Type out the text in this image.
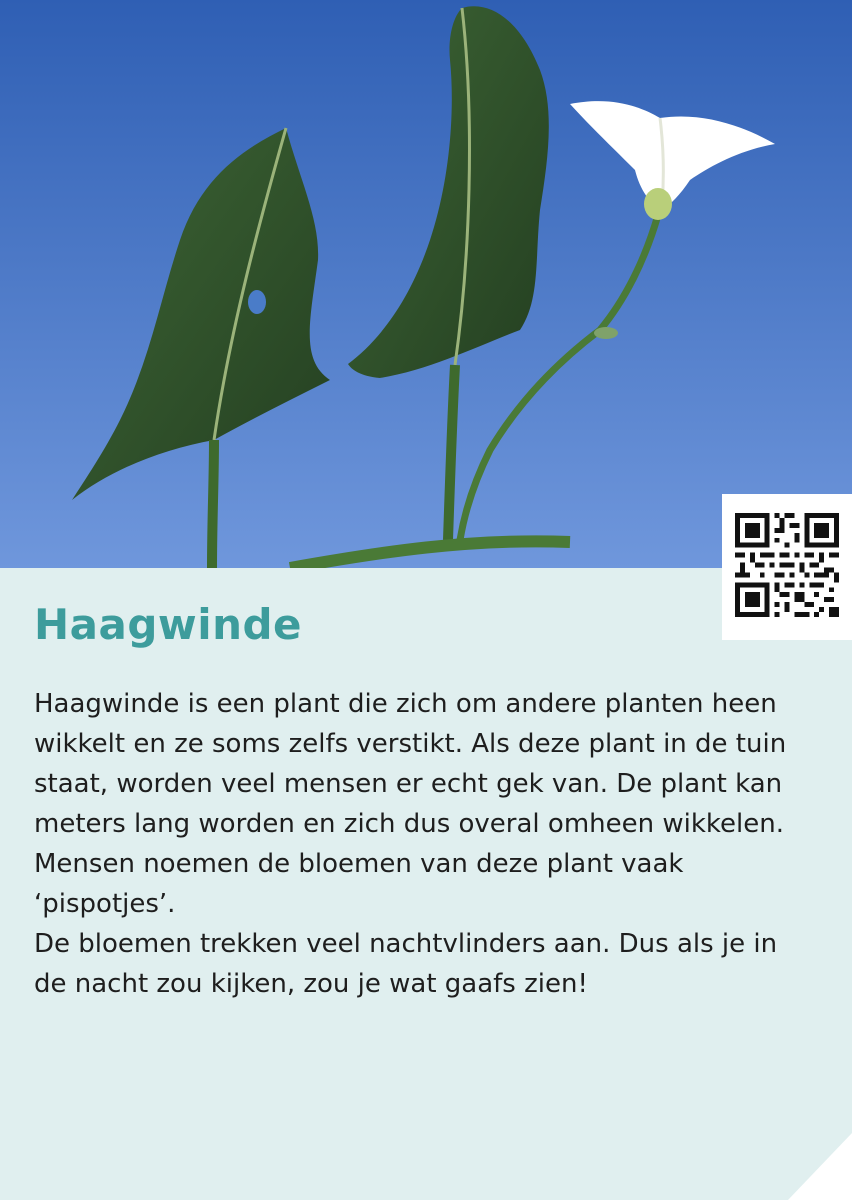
Haagwinde

Haagwinde is een plant die zich om andere planten heen wikkelt en ze soms zelfs verstikt. Als deze plant in de tuin staat, worden veel mensen er echt gek van. De plant kan meters lang worden en zich dus overal omheen wikkelen. Mensen noemen de bloemen van deze plant vaak ‘pispotjes’.

De bloemen trekken veel nachtvlinders aan. Dus als je in de nacht zou kijken, zou je wat gaafs zien!
